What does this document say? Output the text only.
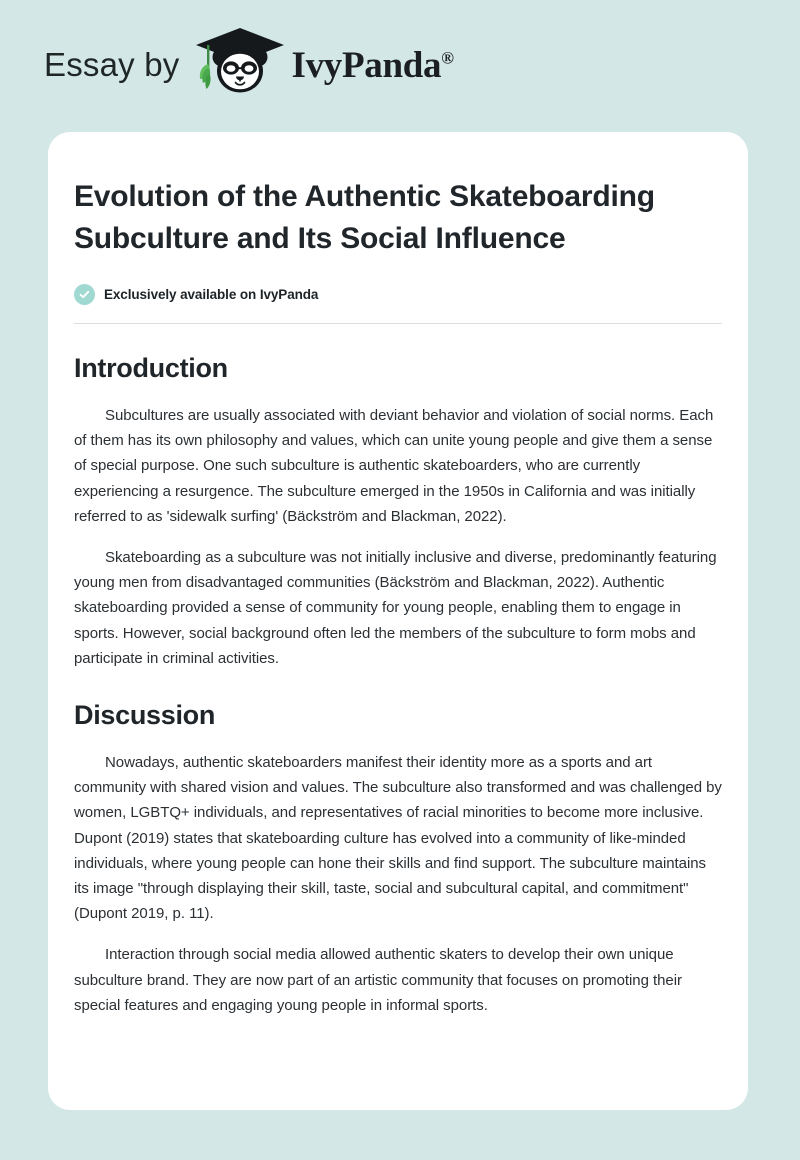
Essay by	IvyPanda®
Evolution of the Authentic Skateboarding Subculture and Its Social Influence
Exclusively available on IvyPanda
Introduction

Subcultures are usually associated with deviant behavior and violation of social norms. Each of them has its own philosophy and values, which can unite young people and give them a sense of special purpose. One such subculture is authentic skateboarders, who are currently experiencing a resurgence. The subculture emerged in the 1950s in California and was initially referred to as 'sidewalk surfing' (Bäckström and Blackman, 2022).

Skateboarding as a subculture was not initially inclusive and diverse, predominantly featuring young men from disadvantaged communities (Bäckström and Blackman, 2022). Authentic skateboarding provided a sense of community for young people, enabling them to engage in sports. However, social background often led the members of the subculture to form mobs and participate in criminal activities.

Discussion

Nowadays, authentic skateboarders manifest their identity more as a sports and art community with shared vision and values. The subculture also transformed and was challenged by women, LGBTQ+ individuals, and representatives of racial minorities to become more inclusive. Dupont (2019) states that skateboarding culture has evolved into a community of like-minded individuals, where young people can hone their skills and find support. The subculture maintains its image "through displaying their skill, taste, social and subcultural capital, and commitment" (Dupont 2019, p. 11).

Interaction through social media allowed authentic skaters to develop their own unique subculture brand. They are now part of an artistic community that focuses on promoting their special features and engaging young people in informal sports.
